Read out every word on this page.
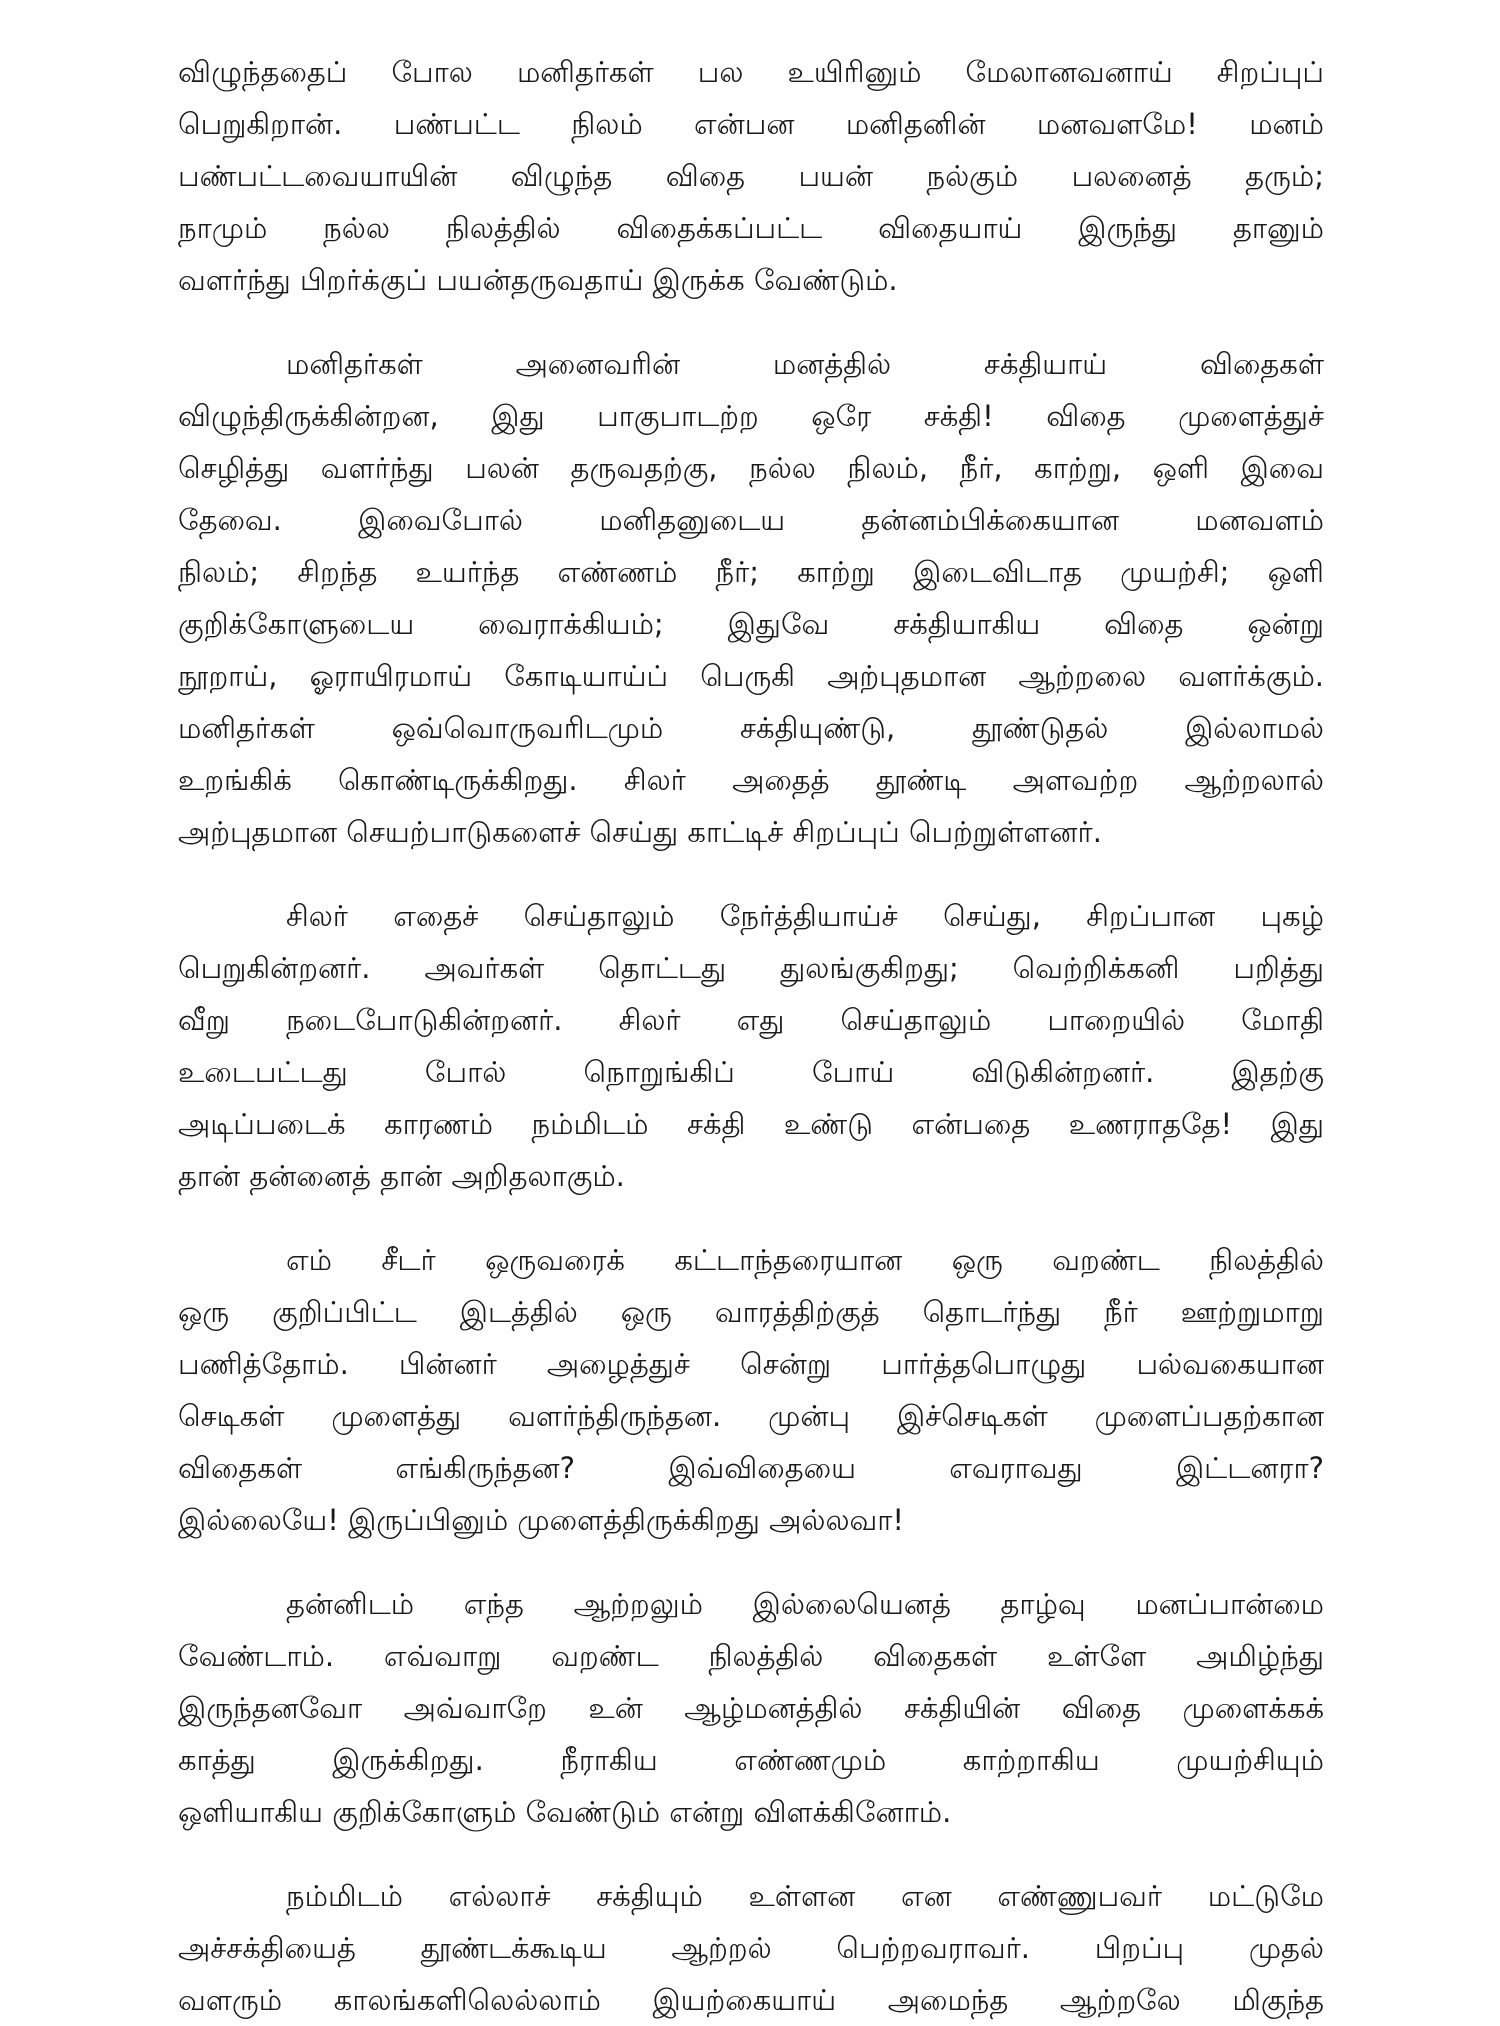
விழுந்ததைப் போல மனிதர்கள் பல உயிரினும் மேலானவனாய் சிறப்புப்
பெறுகிறான். பண்பட்ட நிலம் என்பன மனிதனின் மனவளமே! மனம்
பண்பட்டவையாயின் விழுந்த விதை பயன் நல்கும் பலனைத் தரும்;
நாமும் நல்ல நிலத்தில் விதைக்கப்பட்ட விதையாய் இருந்து தானும்
வளர்ந்து பிறர்க்குப் பயன்தருவதாய் இருக்க வேண்டும்.
மனிதர்கள் அனைவரின் மனத்தில் சக்தியாய் விதைகள்
விழுந்திருக்கின்றன, இது பாகுபாடற்ற ஒரே சக்தி! விதை முளைத்துச்
செழித்து வளர்ந்து பலன் தருவதற்கு, நல்ல நிலம், நீர், காற்று, ஒளி இவை
தேவை. இவைபோல் மனிதனுடைய தன்னம்பிக்கையான மனவளம்
நிலம்; சிறந்த உயர்ந்த எண்ணம் நீர்; காற்று இடைவிடாத முயற்சி; ஒளி
குறிக்கோளுடைய வைராக்கியம்; இதுவே சக்தியாகிய விதை ஒன்று
நூறாய், ஓராயிரமாய் கோடியாய்ப் பெருகி அற்புதமான ஆற்றலை வளர்க்கும்.
மனிதர்கள் ஒவ்வொருவரிடமும் சக்தியுண்டு, தூண்டுதல் இல்லாமல்
உறங்கிக் கொண்டிருக்கிறது. சிலர் அதைத் தூண்டி அளவற்ற ஆற்றலால்
அற்புதமான செயற்பாடுகளைச் செய்து காட்டிச் சிறப்புப் பெற்றுள்ளனர்.
சிலர் எதைச் செய்தாலும் நேர்த்தியாய்ச் செய்து, சிறப்பான புகழ்
பெறுகின்றனர். அவர்கள் தொட்டது துலங்குகிறது; வெற்றிக்கனி பறித்து
வீறு நடைபோடுகின்றனர். சிலர் எது செய்தாலும் பாறையில் மோதி
உடைபட்டது போல் நொறுங்கிப் போய் விடுகின்றனர். இதற்கு
அடிப்படைக் காரணம் நம்மிடம் சக்தி உண்டு என்பதை உணராததே! இது
தான் தன்னைத் தான் அறிதலாகும்.
எம் சீடர் ஒருவரைக் கட்டாந்தரையான ஒரு வறண்ட நிலத்தில்
ஒரு குறிப்பிட்ட இடத்தில் ஒரு வாரத்திற்குத் தொடர்ந்து நீர் ஊற்றுமாறு
பணித்தோம். பின்னர் அழைத்துச் சென்று பார்த்தபொழுது பல்வகையான
செடிகள் முளைத்து வளர்ந்திருந்தன. முன்பு இச்செடிகள் முளைப்பதற்கான
விதைகள் எங்கிருந்தன? இவ்விதையை எவராவது இட்டனரா?
இல்லையே! இருப்பினும் முளைத்திருக்கிறது அல்லவா!
தன்னிடம் எந்த ஆற்றலும் இல்லையெனத் தாழ்வு மனப்பான்மை
வேண்டாம். எவ்வாறு வறண்ட நிலத்தில் விதைகள் உள்ளே அமிழ்ந்து
இருந்தனவோ அவ்வாறே உன் ஆழ்மனத்தில் சக்தியின் விதை முளைக்கக்
காத்து இருக்கிறது. நீராகிய எண்ணமும் காற்றாகிய முயற்சியும்
ஒளியாகிய குறிக்கோளும் வேண்டும் என்று விளக்கினோம்.
நம்மிடம் எல்லாச் சக்தியும் உள்ளன என எண்ணுபவர் மட்டுமே
அச்சக்தியைத் தூண்டக்கூடிய ஆற்றல் பெற்றவராவர். பிறப்பு முதல்
வளரும் காலங்களிலெல்லாம் இயற்கையாய் அமைந்த ஆற்றலே மிகுந்த
